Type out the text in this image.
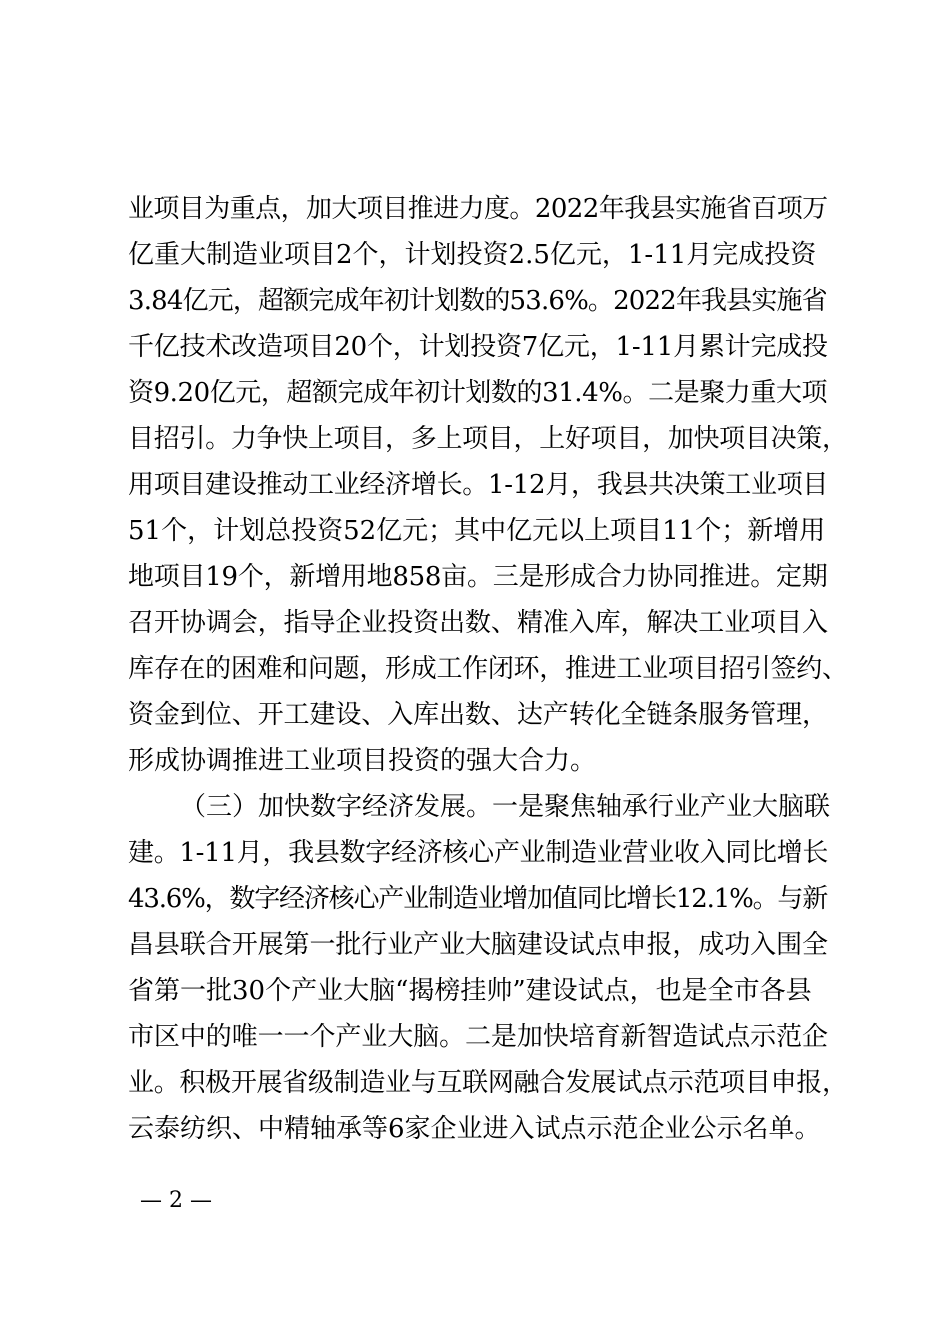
业项目为重点，加大项目推进力度。2022年我县实施省百项万
亿重大制造业项目2个，计划投资2.5亿元，1-11月完成投资
3.84亿元，超额完成年初计划数的53.6%。2022年我县实施省
千亿技术改造项目20个，计划投资7亿元，1-11月累计完成投
资9.20亿元，超额完成年初计划数的31.4%。二是聚力重大项
目招引。力争快上项目，多上项目，上好项目，加快项目决策，
用项目建设推动工业经济增长。1-12月，我县共决策工业项目
51个，计划总投资52亿元；其中亿元以上项目11个；新增用
地项目19个，新增用地858亩。三是形成合力协同推进。定期
召开协调会，指导企业投资出数、精准入库，解决工业项目入
库存在的困难和问题，形成工作闭环，推进工业项目招引签约、
资金到位、开工建设、入库出数、达产转化全链条服务管理，
形成协调推进工业项目投资的强大合力。
（三）加快数字经济发展。一是聚焦轴承行业产业大脑联
建。1-11月，我县数字经济核心产业制造业营业收入同比增长
43.6%，数字经济核心产业制造业增加值同比增长12.1%。与新
昌县联合开展第一批行业产业大脑建设试点申报，成功入围全
省第一批30个产业大脑“揭榜挂帅”建设试点，也是全市各县
市区中的唯一一个产业大脑。二是加快培育新智造试点示范企
业。积极开展省级制造业与互联网融合发展试点示范项目申报，
云泰纺织、中精轴承等6家企业进入试点示范企业公示名单。
— 2 —
